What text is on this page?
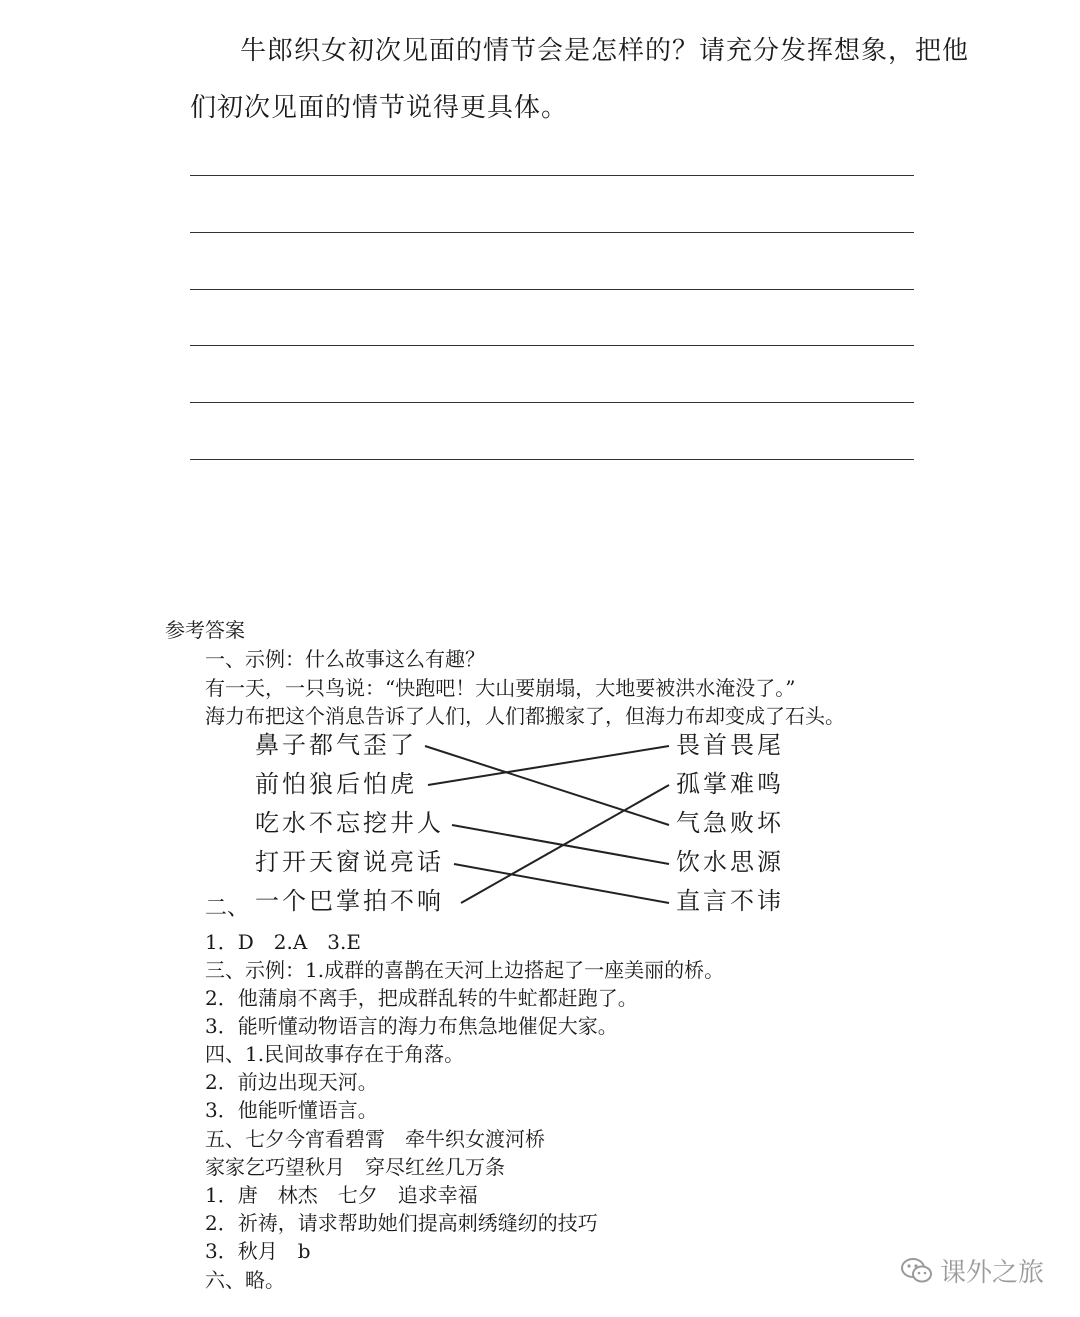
牛郎织女初次见面的情节会是怎样的？请充分发挥想象，把他
们初次见面的情节说得更具体。
参考答案
一、示例：什么故事这么有趣？
有一天，一只鸟说：“快跑吧！大山要崩塌，大地要被洪水淹没了。”
海力布把这个消息告诉了人们，人们都搬家了，但海力布却变成了石头。
鼻子都气歪了
前怕狼后怕虎
吃水不忘挖井人
打开天窗说亮话
一个巴掌拍不响
畏首畏尾
孤掌难鸣
气急败坏
饮水思源
直言不讳
二、
1．D　2.A　3.E
三、示例：1.成群的喜鹊在天河上边搭起了一座美丽的桥。
2．他蒲扇不离手，把成群乱转的牛虻都赶跑了。
3．能听懂动物语言的海力布焦急地催促大家。
四、1.民间故事存在于角落。
2．前边出现天河。
3．他能听懂语言。
五、七夕今宵看碧霄　牵牛织女渡河桥
家家乞巧望秋月　穿尽红丝几万条
1．唐　林杰　七夕　追求幸福
2．祈祷，请求帮助她们提高刺绣缝纫的技巧
3．秋月　b
六、略。	课外之旅
